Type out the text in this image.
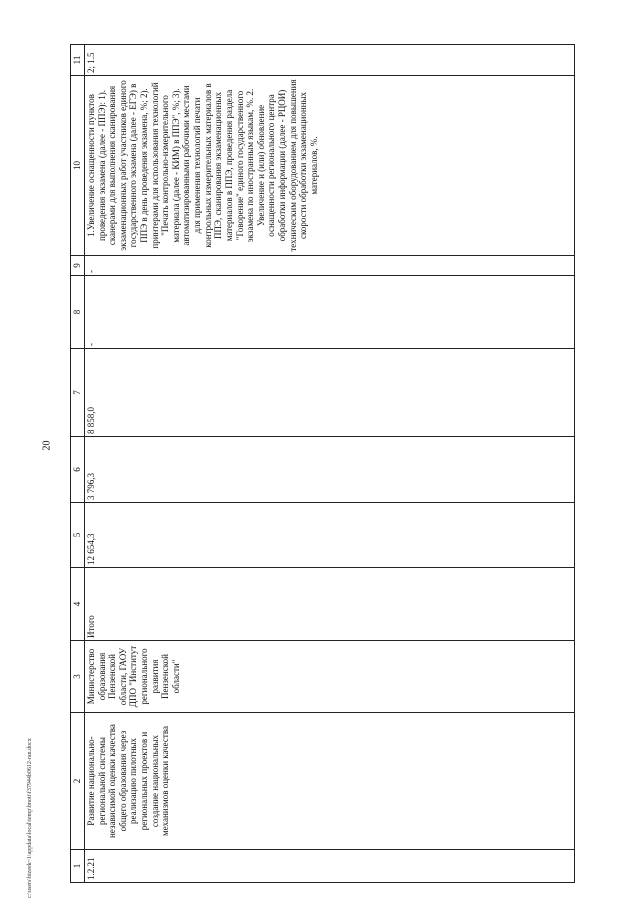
20
c:\users\bizeek~1\appdata\local\temp\bnoti\f37944b0612-ran.docx	1	2	3	4	5	6	7	8	9	10	11
1.2.21	Развитие национально-региональной системы независимой оценки качества общего образования через реализацию пилотных региональных проектов и создание национальных механизмов оценки качества	Министерство образования Пензенской области, ГАОУ ДПО "Институт регионального развития Пензенской области"	Итого	12 654,3	3 796,3	8 858,0	-	-	1.Увеличение оснащенности пунктов проведения экзамена (далее - ППЭ): 1). сканерами для выполнения сканирования экзаменационных работ участников единого государственного экзамена (далее - ЕГЭ) в ППЭ в день проведения экзамена, %; 2). принтерами для использования технологий "Печать контрольно-измерительного материала (далее - КИМ) в ППЭ", %; 3). автоматизированными рабочими местами для применения технологий печати контрольных измерительных материалов в ППЭ, сканирования экзаменационных материалов в ППЭ, проведения раздела "Говорение" единого государственного экзамена по иностранным языкам, %. 2. Увеличение и (или) обновление оснащенности регионального центра обработки информации (далее - РЦОИ) техническим оборудованием для повышения скорости обработки экзаменационных материалов, %.	2; 1.5
